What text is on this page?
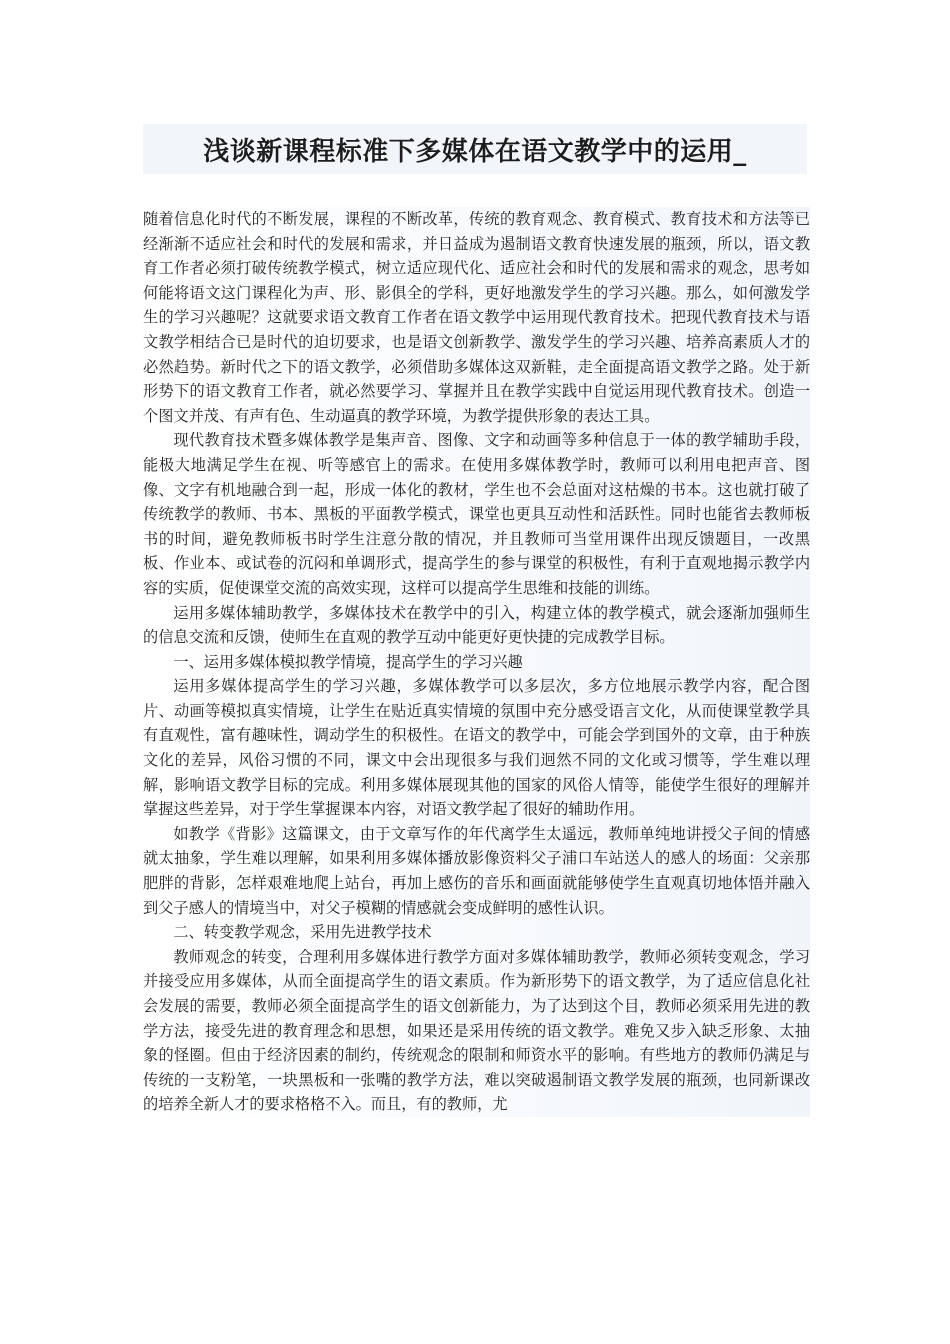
浅谈新课程标准下多媒体在语文教学中的运用_

随着信息化时代的不断发展，课程的不断改革，传统的教育观念、教育模式、教育技术和方法等已经渐渐不适应社会和时代的发展和需求，并日益成为遏制语文教育快速发展的瓶颈，所以，语文教育工作者必须打破传统教学模式，树立适应现代化、适应社会和时代的发展和需求的观念，思考如何能将语文这门课程化为声、形、影俱全的学科，更好地激发学生的学习兴趣。那么，如何激发学生的学习兴趣呢？这就要求语文教育工作者在语文教学中运用现代教育技术。把现代教育技术与语文教学相结合已是时代的迫切要求，也是语文创新教学、激发学生的学习兴趣、培养高素质人才的必然趋势。新时代之下的语文教学，必须借助多媒体这双新鞋，走全面提高语文教学之路。处于新形势下的语文教育工作者，就必然要学习、掌握并且在教学实践中自觉运用现代教育技术。创造一个图文并茂、有声有色、生动逼真的教学环境，为教学提供形象的表达工具。

现代教育技术暨多媒体教学是集声音、图像、文字和动画等多种信息于一体的教学辅助手段，能极大地满足学生在视、听等感官上的需求。在使用多媒体教学时，教师可以利用电把声音、图像、文字有机地融合到一起，形成一体化的教材，学生也不会总面对这枯燥的书本。这也就打破了传统教学的教师、书本、黑板的平面教学模式，课堂也更具互动性和活跃性。同时也能省去教师板书的时间，避免教师板书时学生注意分散的情况，并且教师可当堂用课件出现反馈题目，一改黑板、作业本、或试卷的沉闷和单调形式，提高学生的参与课堂的积极性，有利于直观地揭示教学内容的实质，促使课堂交流的高效实现，这样可以提高学生思维和技能的训练。

运用多媒体辅助教学，多媒体技术在教学中的引入，构建立体的教学模式，就会逐渐加强师生的信息交流和反馈，使师生在直观的教学互动中能更好更快捷的完成教学目标。

一、运用多媒体模拟教学情境，提高学生的学习兴趣

运用多媒体提高学生的学习兴趣，多媒体教学可以多层次，多方位地展示教学内容，配合图片、动画等模拟真实情境，让学生在贴近真实情境的氛围中充分感受语言文化，从而使课堂教学具有直观性，富有趣味性，调动学生的积极性。在语文的教学中，可能会学到国外的文章，由于种族文化的差异，风俗习惯的不同，课文中会出现很多与我们迥然不同的文化或习惯等，学生难以理解，影响语文教学目标的完成。利用多媒体展现其他的国家的风俗人情等，能使学生很好的理解并掌握这些差异，对于学生掌握课本内容，对语文教学起了很好的辅助作用。

如教学《背影》这篇课文，由于文章写作的年代离学生太遥远，教师单纯地讲授父子间的情感就太抽象，学生难以理解，如果利用多媒体播放影像资料父子浦口车站送人的感人的场面：父亲那肥胖的背影，怎样艰难地爬上站台，再加上感伤的音乐和画面就能够使学生直观真切地体悟并融入到父子感人的情境当中，对父子模糊的情感就会变成鲜明的感性认识。

二、转变教学观念，采用先进教学技术

教师观念的转变，合理利用多媒体进行教学方面对多媒体辅助教学，教师必须转变观念，学习并接受应用多媒体，从而全面提高学生的语文素质。作为新形势下的语文教学，为了适应信息化社会发展的需要，教师必须全面提高学生的语文创新能力，为了达到这个目，教师必须采用先进的教学方法，接受先进的教育理念和思想，如果还是采用传统的语文教学。难免又步入缺乏形象、太抽象的怪圈。但由于经济因素的制约，传统观念的限制和师资水平的影响。有些地方的教师仍满足与传统的一支粉笔，一块黑板和一张嘴的教学方法，难以突破遏制语文教学发展的瓶颈，也同新课改的培养全新人才的要求格格不入。而且，有的教师，尤
